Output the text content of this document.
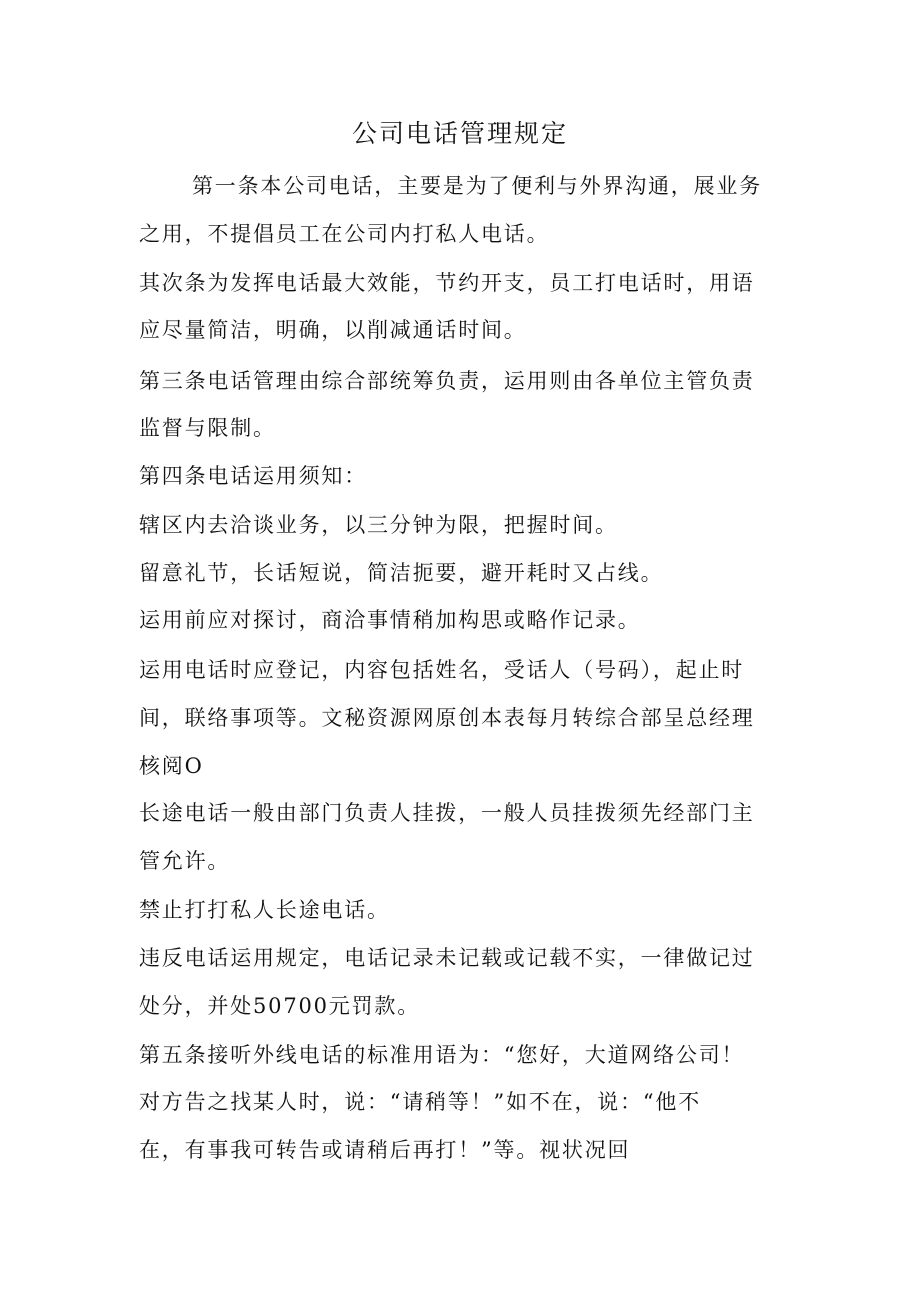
公司电话管理规定
第一条本公司电话，主要是为了便利与外界沟通，展业务
之用，不提倡员工在公司内打私人电话。
其次条为发挥电话最大效能，节约开支，员工打电话时，用语
应尽量简洁，明确，以削减通话时间。
第三条电话管理由综合部统筹负责，运用则由各单位主管负责
监督与限制。
第四条电话运用须知：
辖区内去洽谈业务，以三分钟为限，把握时间。
留意礼节，长话短说，简洁扼要，避开耗时又占线。
运用前应对探讨，商洽事情稍加构思或略作记录。
运用电话时应登记，内容包括姓名，受话人（号码），起止时
间，联络事项等。文秘资源网原创本表每月转综合部呈总经理
核阅O
长途电话一般由部门负责人挂拨，一般人员挂拨须先经部门主
管允许。
禁止打打私人长途电话。
违反电话运用规定，电话记录未记载或记载不实，一律做记过
处分，并处50700元罚款。
第五条接听外线电话的标准用语为：“您好，大道网络公司！
对方告之找某人时，说：“请稍等！”如不在，说：“他不
在，有事我可转告或请稍后再打！”等。视状况回
